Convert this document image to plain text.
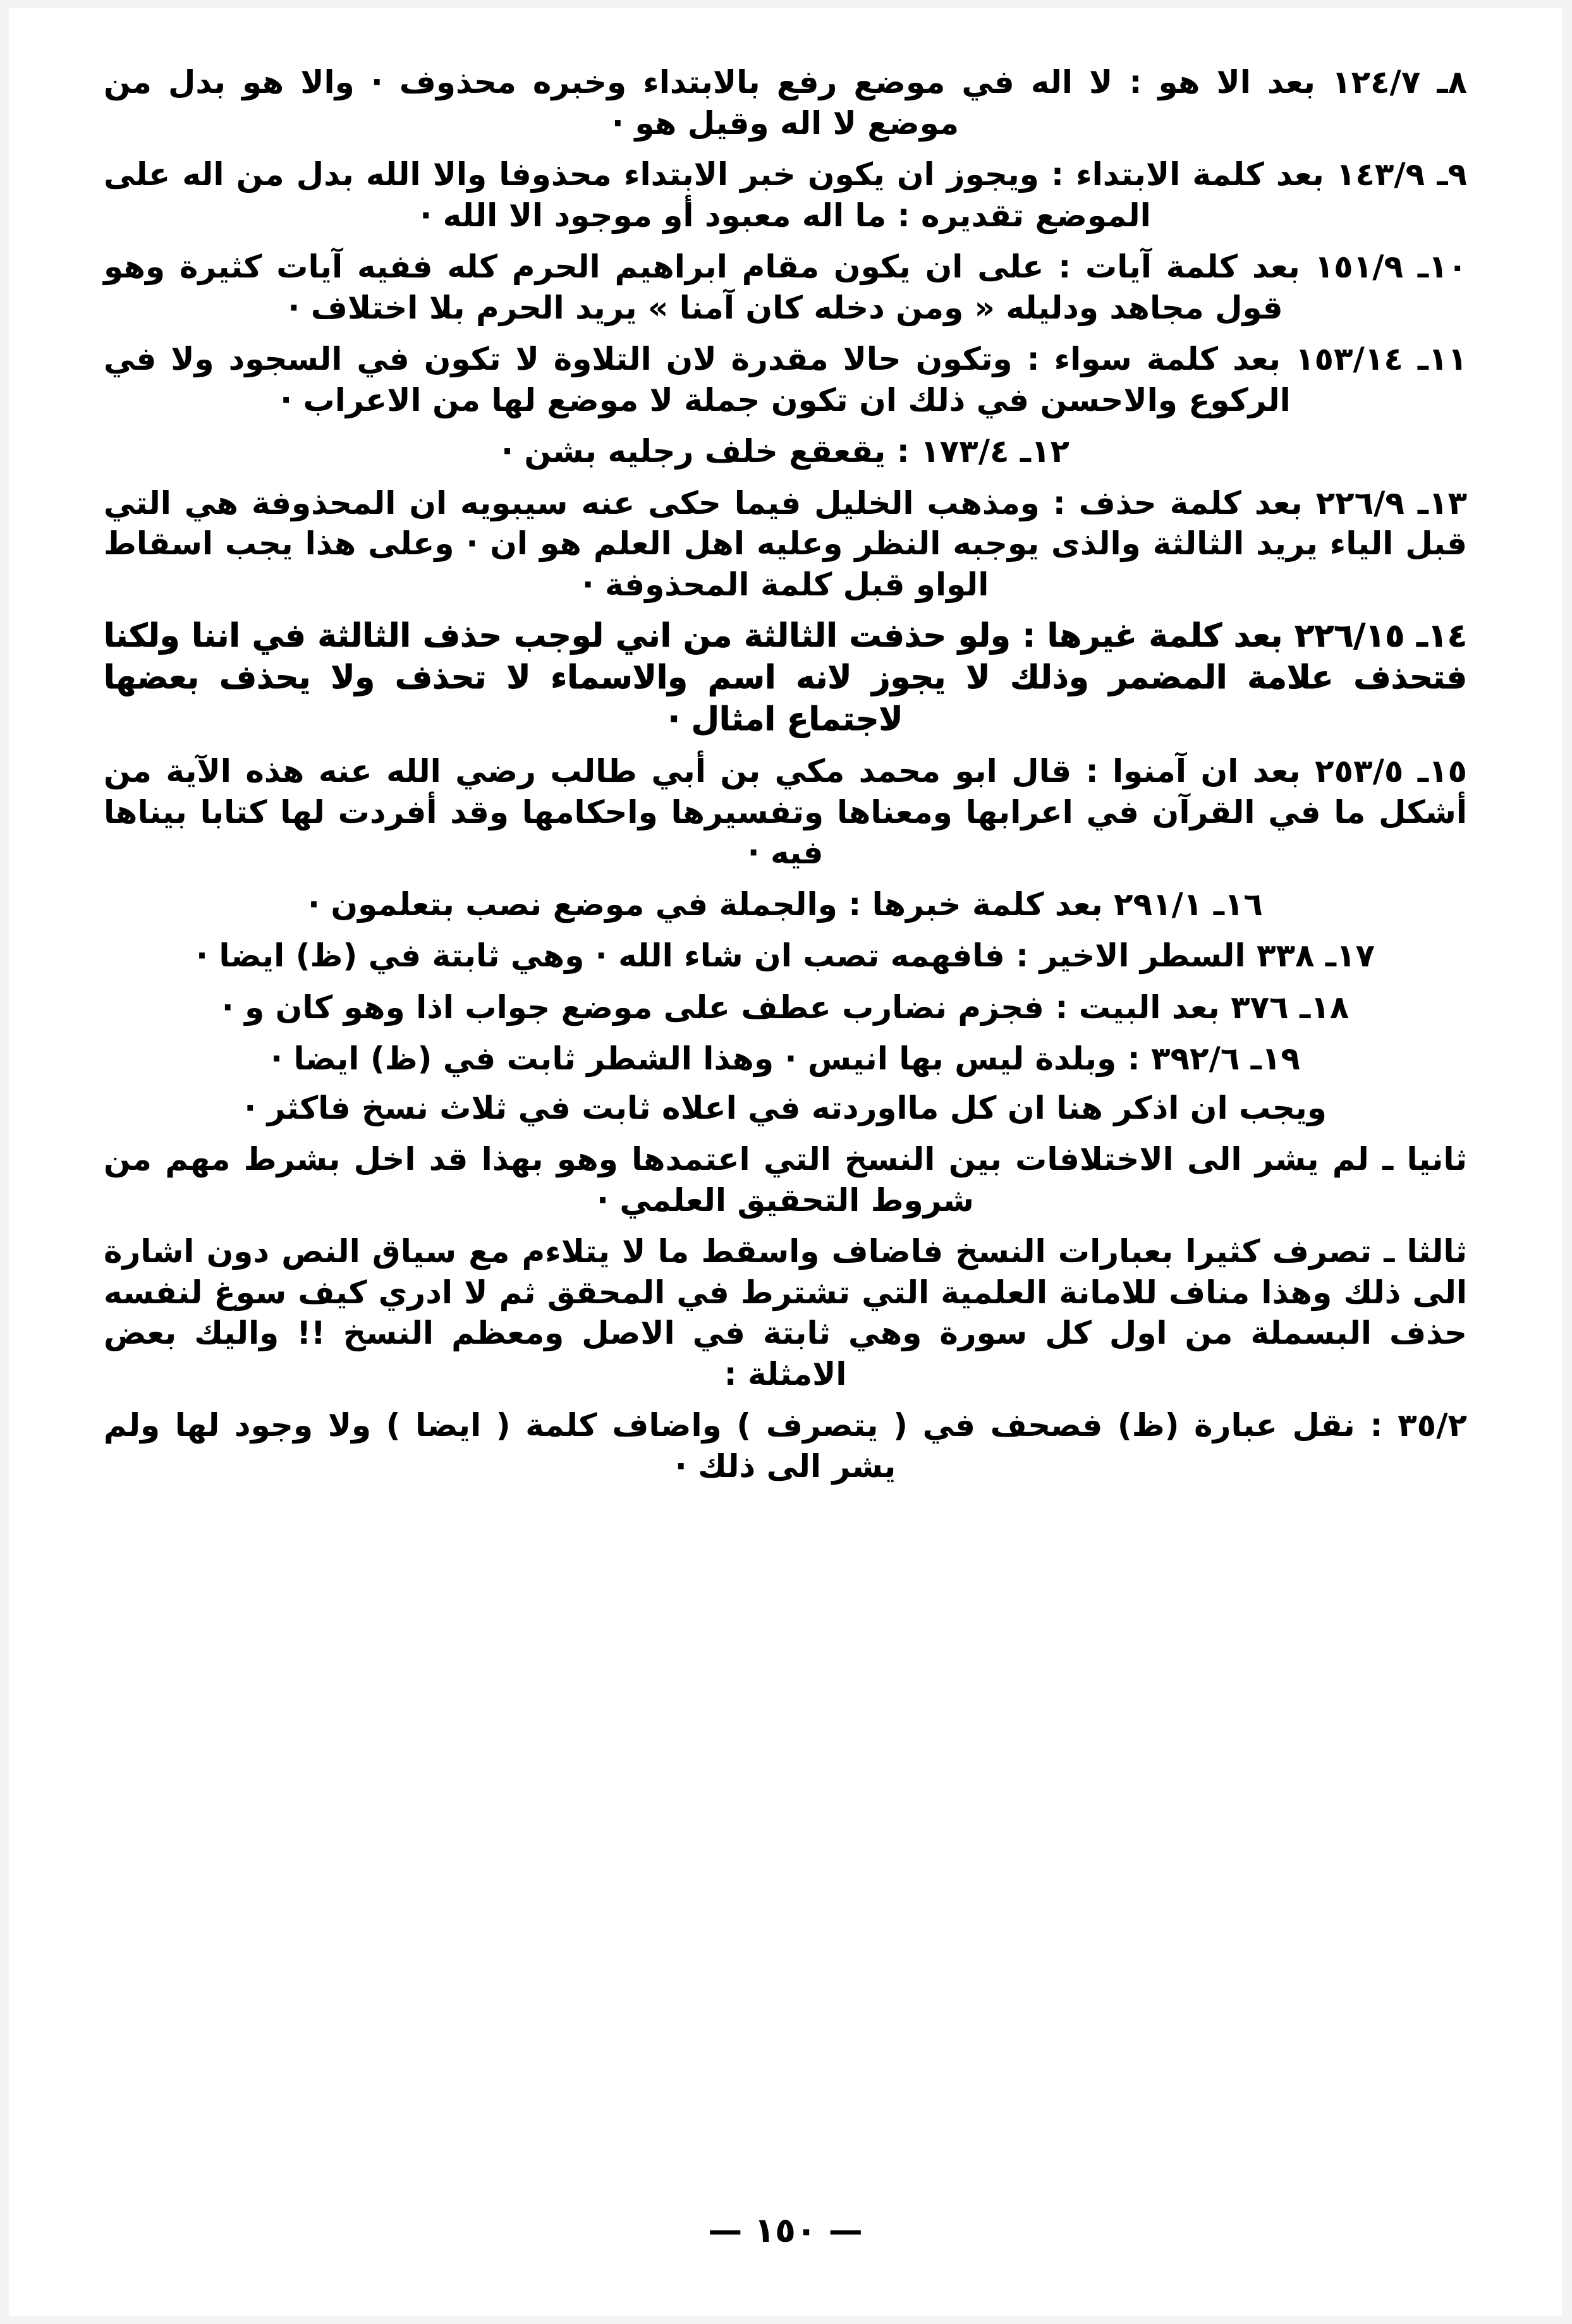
٨ـ ١٢٤/٧ بعد الا هو : لا اله في موضع رفع بالابتداء وخبره محذوف · والا هو بدل من موضع لا اله وقيل هو ·

٩ـ ١٤٣/٩ بعد كلمة الابتداء : ويجوز ان يكون خبر الابتداء محذوفا والا الله بدل من اله على الموضع تقديره : ما اله معبود أو موجود الا الله ·

١٠ـ ١٥١/٩ بعد كلمة آيات : على ان يكون مقام ابراهيم الحرم كله ففيه آيات كثيرة وهو قول مجاهد ودليله « ومن دخله كان آمنا » يريد الحرم بلا اختلاف ·

١١ـ ١٥٣/١٤ بعد كلمة سواء : وتكون حالا مقدرة لان التلاوة لا تكون في السجود ولا في الركوع والاحسن في ذلك ان تكون جملة لا موضع لها من الاعراب ·

١٢ـ ١٧٣/٤ : يقعقع خلف رجليه بشن ·

١٣ـ ٢٢٦/٩ بعد كلمة حذف : ومذهب الخليل فيما حكى عنه سيبويه ان المحذوفة هي التي قبل الياء يريد الثالثة والذى يوجبه النظر وعليه اهل العلم هو ان · وعلى هذا يجب اسقاط الواو قبل كلمة المحذوفة ·

١٤ـ ٢٢٦/١٥ بعد كلمة غيرها : ولو حذفت الثالثة من اني لوجب حذف الثالثة في اننا ولكنا فتحذف علامة المضمر وذلك لا يجوز لانه اسم والاسماء لا تحذف ولا يحذف بعضها لاجتماع امثال ·

١٥ـ ٢٥٣/٥ بعد ان آمنوا : قال ابو محمد مكي بن أبي طالب رضي الله عنه هذه الآية من أشكل ما في القرآن في اعرابها ومعناها وتفسيرها واحكامها وقد أفردت لها كتابا بيناها فيه ·

١٦ـ ٢٩١/١ بعد كلمة خبرها : والجملة في موضع نصب بتعلمون ·

١٧ـ ٣٣٨ السطر الاخير : فافهمه تصب ان شاء الله · وهي ثابتة في (ظ) ايضا ·

١٨ـ ٣٧٦ بعد البيت : فجزم نضارب عطف على موضع جواب اذا وهو كان و ·

١٩ـ ٣٩٢/٦ : وبلدة ليس بها انيس · وهذا الشطر ثابت في (ظ) ايضا ·

ويجب ان اذكر هنا ان كل مااوردته في اعلاه ثابت في ثلاث نسخ فاكثر ·

ثانيا ـ لم يشر الى الاختلافات بين النسخ التي اعتمدها وهو بهذا قد اخل بشرط مهم من شروط التحقيق العلمي ·

ثالثا ـ تصرف كثيرا بعبارات النسخ فاضاف واسقط ما لا يتلاءم مع سياق النص دون اشارة الى ذلك وهذا مناف للامانة العلمية التي تشترط في المحقق ثم لا ادري كيف سوغ لنفسه حذف البسملة من اول كل سورة وهي ثابتة في الاصل ومعظم النسخ !! واليك بعض الامثلة :

٣٥/٢ : نقل عبارة (ظ) فصحف في ( يتصرف ) واضاف كلمة ( ايضا ) ولا وجود لها ولم يشر الى ذلك ·

— ١٥٠ —
